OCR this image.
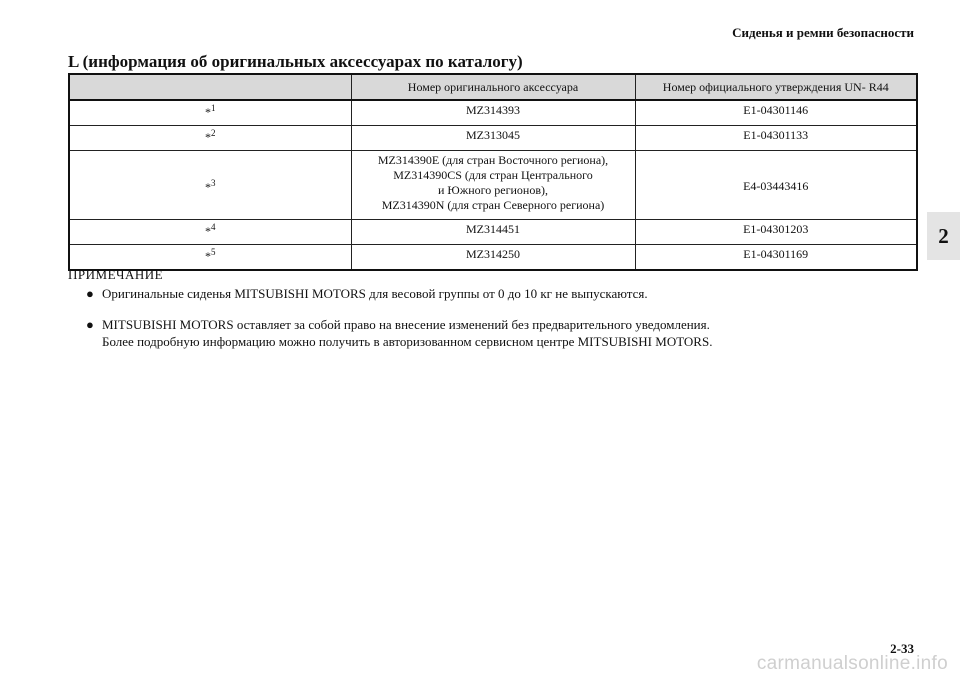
Сиденья и ремни безопасности
L (информация об оригинальных аксессуарах по каталогу)
2
	Номер оригинального аксессуара	Номер официального утверждения UN- R44
*$^1$	MZ314393	E1-04301146
*$^2$	MZ313045	E1-04301133
*$^3$	MZ314390E (для стран Восточного региона),
MZ314390CS (для стран Центрального
и Южного регионов),
MZ314390N (для стран Северного региона)	E4-03443416
*$^4$	MZ314451	E1-04301203
*$^5$	MZ314250	E1-04301169
ПРИМЕЧАНИЕ
● Оригинальные сиденья MITSUBISHI MOTORS для весовой группы от 0 до 10 кг не выпускаются.
● MITSUBISHI MOTORS оставляет за собой право на внесение изменений без предварительного уведомления.
Более подробную информацию можно получить в авторизованном сервисном центре MITSUBISHI MOTORS.
2-33
carmanualsonline.info
